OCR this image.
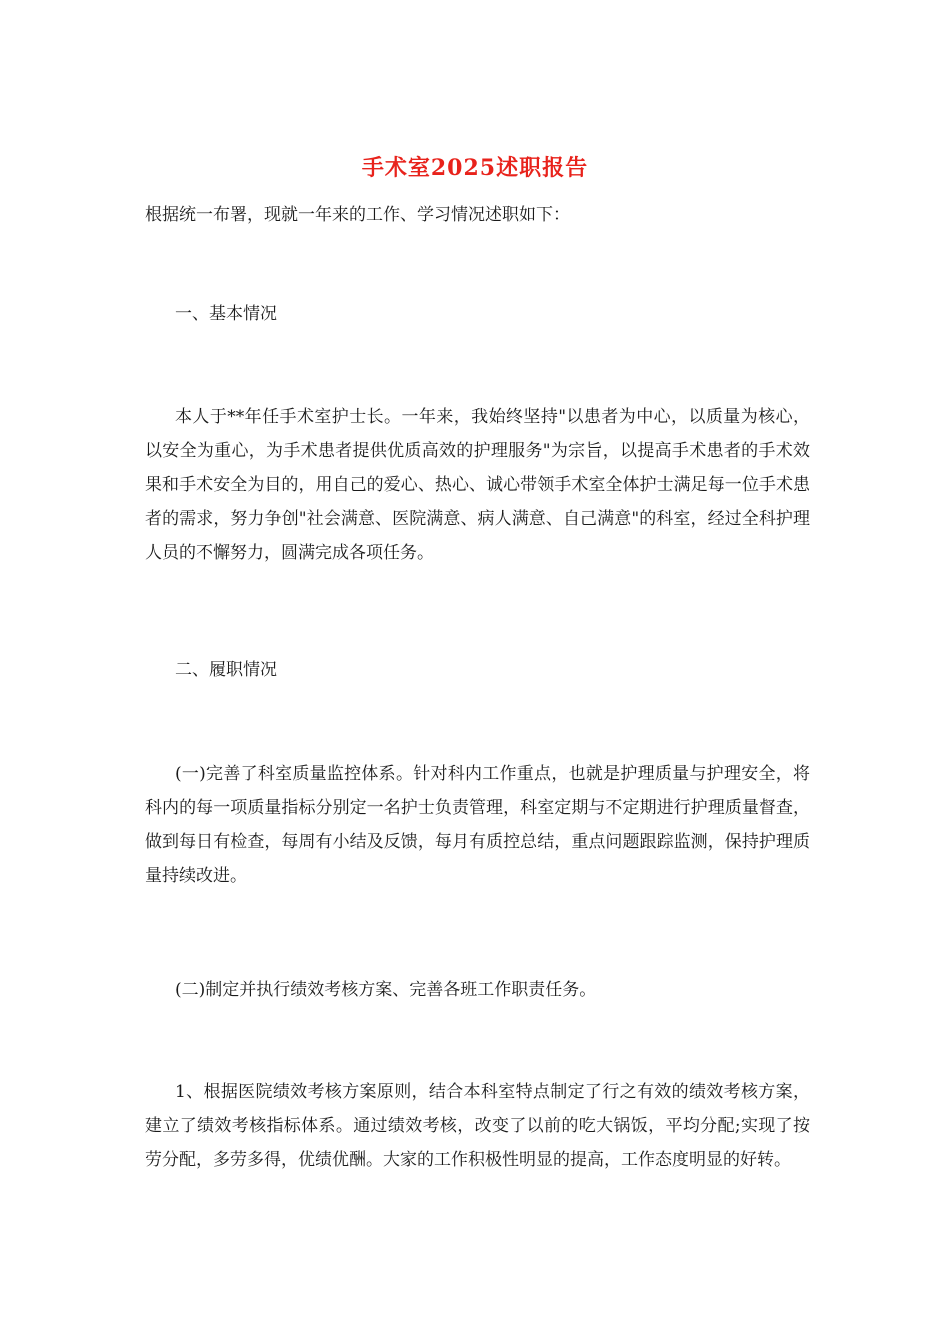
手术室2025述职报告

根据统一布署，现就一年来的工作、学习情况述职如下：

一、基本情况

本人于**年任手术室护士长。一年来，我始终坚持"以患者为中心，以质量为核心，以安全为重心，为手术患者提供优质高效的护理服务"为宗旨，以提高手术患者的手术效果和手术安全为目的，用自己的爱心、热心、诚心带领手术室全体护士满足每一位手术患者的需求，努力争创"社会满意、医院满意、病人满意、自己满意"的科室，经过全科护理人员的不懈努力，圆满完成各项任务。

二、履职情况

(一)完善了科室质量监控体系。针对科内工作重点，也就是护理质量与护理安全，将科内的每一项质量指标分别定一名护士负责管理，科室定期与不定期进行护理质量督查，做到每日有检查，每周有小结及反馈，每月有质控总结，重点问题跟踪监测，保持护理质量持续改进。

(二)制定并执行绩效考核方案、完善各班工作职责任务。

1、根据医院绩效考核方案原则，结合本科室特点制定了行之有效的绩效考核方案，建立了绩效考核指标体系。通过绩效考核，改变了以前的吃大锅饭，平均分配;实现了按劳分配，多劳多得，优绩优酬。大家的工作积极性明显的提高，工作态度明显的好转。
